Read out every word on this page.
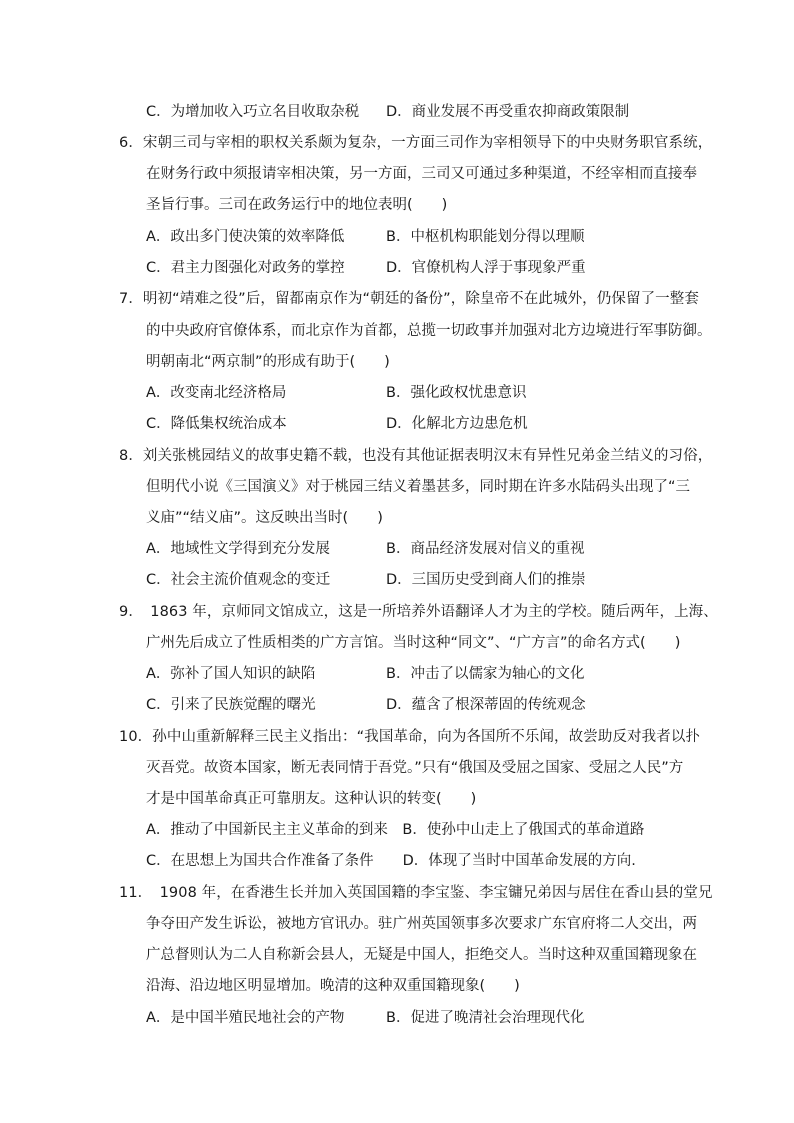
C．为增加收入巧立名目收取杂税 D．商业发展不再受重农抑商政策限制
6．宋朝三司与宰相的职权关系颇为复杂，一方面三司作为宰相领导下的中央财务职官系统，
在财务行政中须报请宰相决策，另一方面，三司又可通过多种渠道，不经宰相而直接奉
圣旨行事。三司在政务运行中的地位表明(　　)
A．政出多门使决策的效率降低	B．中枢机构职能划分得以理顺
C．君主力图强化对政务的掌控	D．官僚机构人浮于事现象严重
7．明初“靖难之役”后，留都南京作为“朝廷的备份”，除皇帝不在此城外，仍保留了一整套
的中央政府官僚体系，而北京作为首都，总揽一切政事并加强对北方边境进行军事防御。
明朝南北“两京制”的形成有助于(　　)
A．改变南北经济格局	B．强化政权忧患意识
C．降低集权统治成本	D．化解北方边患危机
8．刘关张桃园结义的故事史籍不载，也没有其他证据表明汉末有异性兄弟金兰结义的习俗，
但明代小说《三国演义》对于桃园三结义着墨甚多，同时期在许多水陆码头出现了“三
义庙”“结义庙”。这反映出当时(　　)
A．地域性文学得到充分发展	B．商品经济发展对信义的重视
C．社会主流价值观念的变迁	D．三国历史受到商人们的推崇
9．　1863 年，京师同文馆成立，这是一所培养外语翻译人才为主的学校。随后两年，上海、
广州先后成立了性质相类的广方言馆。当时这种“同文”、“广方言”的命名方式(　　)
A．弥补了国人知识的缺陷	B．冲击了以儒家为轴心的文化
C．引来了民族觉醒的曙光	D．蕴含了根深蒂固的传统观念
10．孙中山重新解释三民主义指出：“我国革命，向为各国所不乐闻，故尝助反对我者以扑
灭吾党。故资本国家，断无表同情于吾党。”只有“俄国及受屈之国家、受屈之人民”方
才是中国革命真正可靠朋友。这种认识的转变(　　)
A．推动了中国新民主主义革命的到来　B．使孙中山走上了俄国式的革命道路
C．在思想上为国共合作准备了条件　　D．体现了当时中国革命发展的方向.
11．　1908 年，在香港生长并加入英国国籍的李宝鉴、李宝镛兄弟因与居住在香山县的堂兄
争夺田产发生诉讼，被地方官讯办。驻广州英国领事多次要求广东官府将二人交出，两
广总督则认为二人自称新会县人，无疑是中国人，拒绝交人。当时这种双重国籍现象在
沿海、沿边地区明显增加。晚清的这种双重国籍现象(　　)
A．是中国半殖民地社会的产物	B．促进了晚清社会治理现代化
